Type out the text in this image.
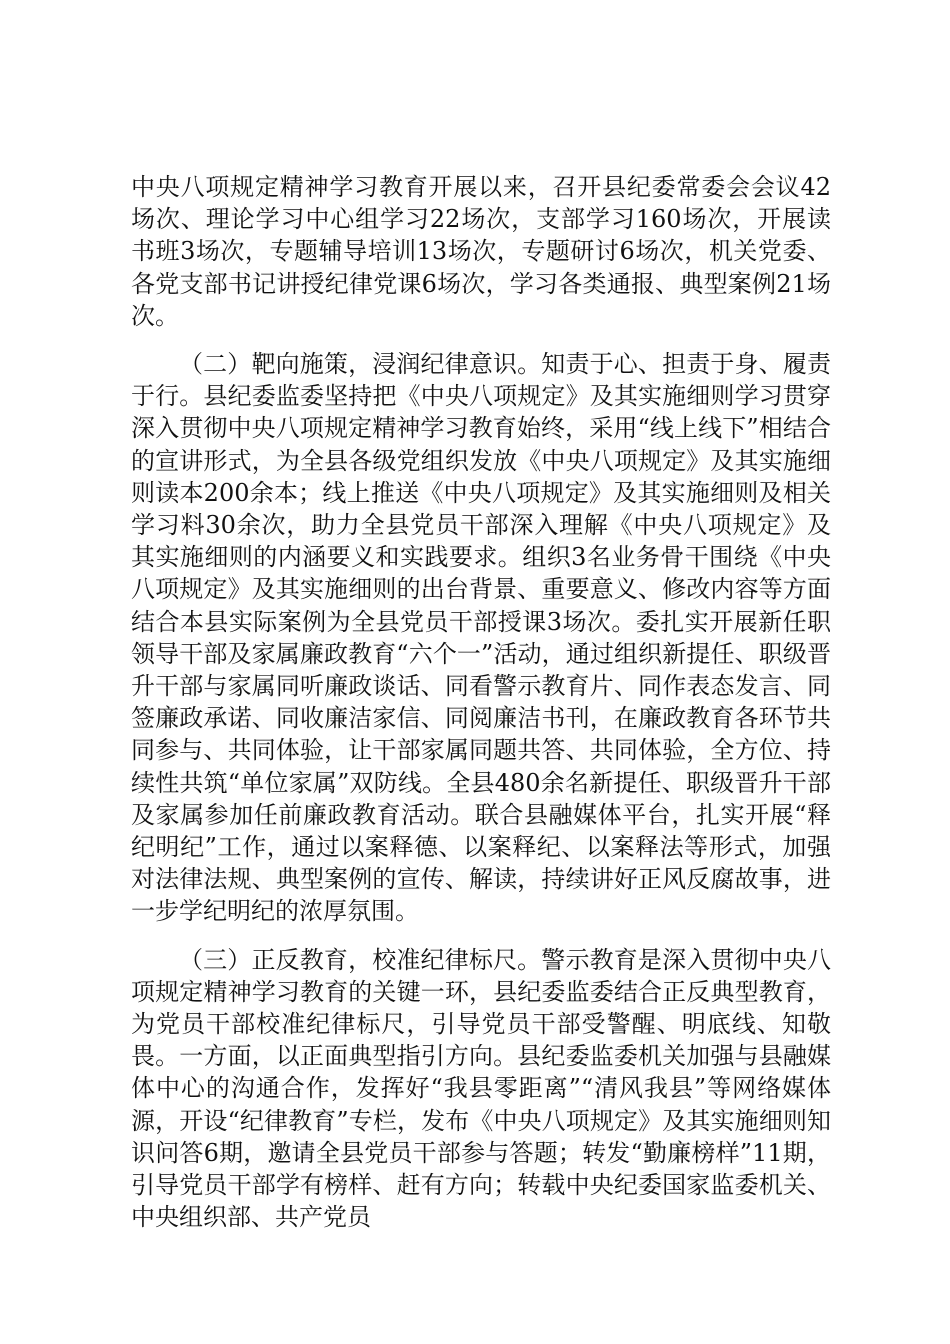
中央八项规定精神学习教育开展以来，召开县纪委常委会会议42场次、理论学习中心组学习22场次，支部学习160场次，开展读书班3场次，专题辅导培训13场次，专题研讨6场次，机关党委、各党支部书记讲授纪律党课6场次，学习各类通报、典型案例21场次。

（二）靶向施策，浸润纪律意识。知责于心、担责于身、履责于行。县纪委监委坚持把《中央八项规定》及其实施细则学习贯穿深入贯彻中央八项规定精神学习教育始终，采用“线上线下”相结合的宣讲形式，为全县各级党组织发放《中央八项规定》及其实施细则读本200余本；线上推送《中央八项规定》及其实施细则及相关学习料30余次，助力全县党员干部深入理解《中央八项规定》及其实施细则的内涵要义和实践要求。组织3名业务骨干围绕《中央八项规定》及其实施细则的出台背景、重要意义、修改内容等方面结合本县实际案例为全县党员干部授课3场次。委扎实开展新任职领导干部及家属廉政教育“六个一”活动，通过组织新提任、职级晋升干部与家属同听廉政谈话、同看警示教育片、同作表态发言、同签廉政承诺、同收廉洁家信、同阅廉洁书刊，在廉政教育各环节共同参与、共同体验，让干部家属同题共答、共同体验，全方位、持续性共筑“单位家属”双防线。全县480余名新提任、职级晋升干部及家属参加任前廉政教育活动。联合县融媒体平台，扎实开展“释纪明纪”工作，通过以案释德、以案释纪、以案释法等形式，加强对法律法规、典型案例的宣传、解读，持续讲好正风反腐故事，进一步学纪明纪的浓厚氛围。

（三）正反教育，校准纪律标尺。警示教育是深入贯彻中央八项规定精神学习教育的关键一环，县纪委监委结合正反典型教育，为党员干部校准纪律标尺，引导党员干部受警醒、明底线、知敬畏。一方面，以正面典型指引方向。县纪委监委机关加强与县融媒体中心的沟通合作，发挥好“我县零距离”“清风我县”等网络媒体源，开设“纪律教育”专栏，发布《中央八项规定》及其实施细则知识问答6期，邀请全县党员干部参与答题；转发“勤廉榜样”11期，引导党员干部学有榜样、赶有方向；转载中央纪委国家监委机关、中央组织部、共产党员
